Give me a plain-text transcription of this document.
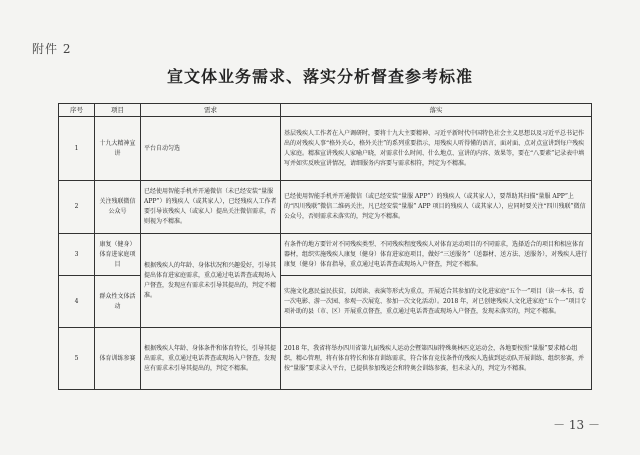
附件 2
宣文体业务需求、落实分析督查参考标准
序号	项目	需求	落实
1	十九大精神宣讲	平台自动匀选	基层残疾人工作者在入户调研时，要将十九大主要精神、习近平新时代中国特色社会主义思想以及习近平总书记作出的对残疾人事“格外关心，格外关注”的系列重要指示，用残疾人听得懂的语言，面对面、点对点宣讲到每户残疾人家庭。精准宣讲残疾人家喻户晓，对需求什么时间、什么地点、宣讲的内容、效果等，要在“八要素”记录表中填写并如实反映宣讲情况，请细服务内容要与需求相符，判定为不精准。
2	关注残联微信公众号	已经使用智能手机并开通微信（未已经安装“量服 APP”）的残疾人（或其家人），已经残疾人工作者要引导该残疾人（或家人）提出关注微信需求，否则视为不精准。	已经使用智能手机并开通微信（或已经安装“量服 APP”）的残疾人（或其家人），要帮助其扫描“量服 APP”上的“四川残联”微信二维码关注，凡已经安装“量服” APP 项目的残疾人（或其家人），应同时要关注“四川残联”微信公众号，否则需求未落实的，判定为不精准。
3	康复（健身）体育进家庭项目	根据残疾人的年龄、身体状况和兴趣爱好，引导其提出体育进家庭需求，重点通过电话普查或现场入户督查，发现应有需求未引导其提出的，判定不精准。	有条件的地方要针对不同残疾类型、不同残疾程度残疾人对体育运动项目的不同需求，选择适合的项目和相应体育器材，组织实施残疾人康复（健身）体育进家庭项目，做好“三送服务”（送器材、送方法、送服务），对残疾人进行康复（健身）体育指导，重点通过电话普查或现场入户督查，判定不精准。
4	群众性文体活动		实施文化惠民益民扶贫，以阅读、表演等形式为重点，开展适合其参加的文化进家庭“五个一”项目（读一本书、看一次电影、游一次园、参观一次展览、参加一次文化活动）。2018 年，对已创建残疾人文化进家庭“五个一”项目专项补助的县（市、区）开展重点督查，重点通过电话普查或现场入户督查，发现未落实的，判定不精准。
5	体育训练参赛	根据残疾人年龄、身体条件和体育特长，引导其提出需求，重点通过电话普查或现场入户督查，发现应有需求未引导其提出的，判定不精准。	2018 年，我省将举办四川省第九届残疾人运动会暨第四届特殊奥林匹克运动会，各地要按照“量服”要求精心组织，精心管理，将有体育特长和体育训练需求，符合体育竞技条件的残疾人选拔到运动队开展训练、组织参赛，并按“量服”要求录入平台，已提供参加残运会和特奥会训练参赛，但未录入的，判定为不精准。
－ 13 －
